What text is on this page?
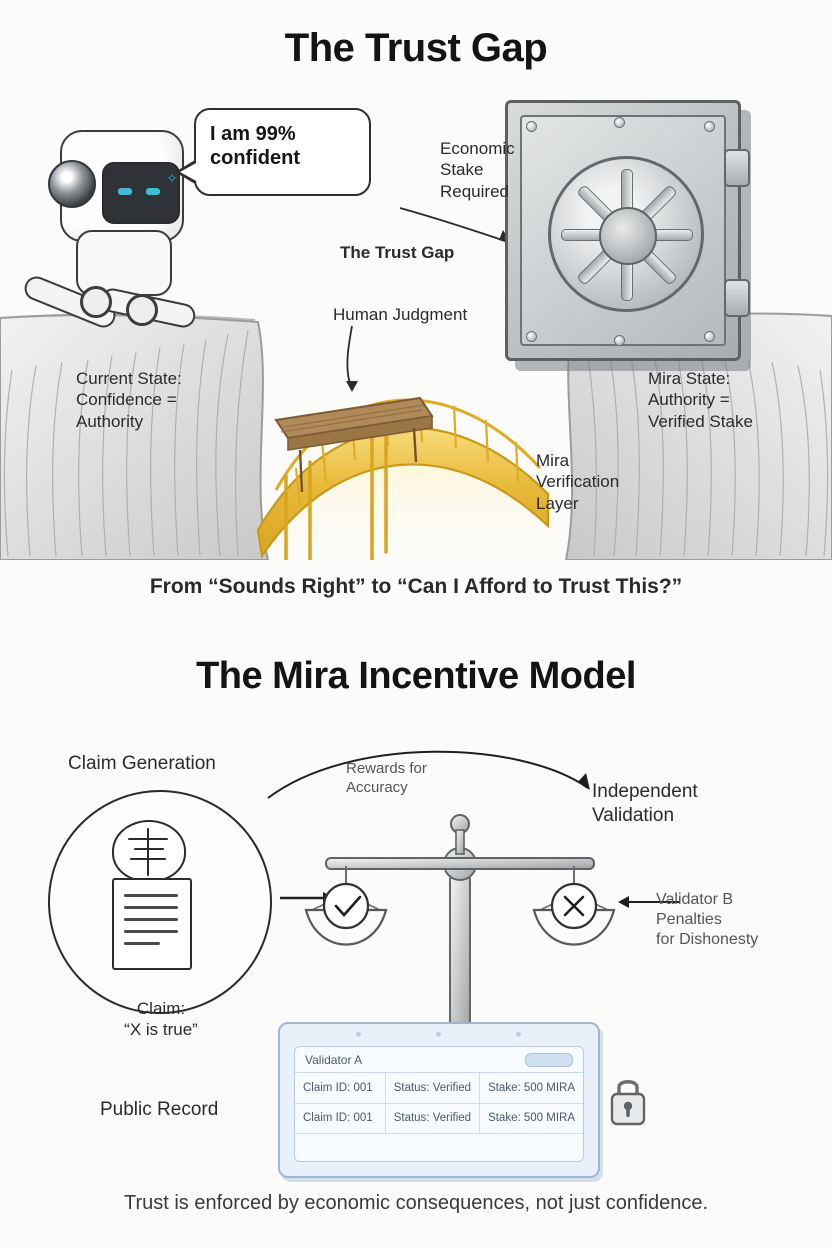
The Trust Gap
✧
I am 99% confident
The Trust Gap
Human Judgment
Economic
Stake
Required
Current State:
Confidence =
Authority
Mira State:
Authority =
Verified Stake
Mira
Verification
Layer
From “Sounds Right” to “Can I Afford to Trust This?”
The Mira Incentive Model
Claim Generation	Rewards for
Accuracy	Independent
Validation
Validator B
Penalties
for Dishonesty
Claim:
“X is true”
Public Record
Validator A
Claim ID: 001	Status: Verified	Stake: 500 MIRA
Claim ID: 001	Status: Verified	Stake: 500 MIRA
Trust is enforced by economic consequences, not just confidence.
